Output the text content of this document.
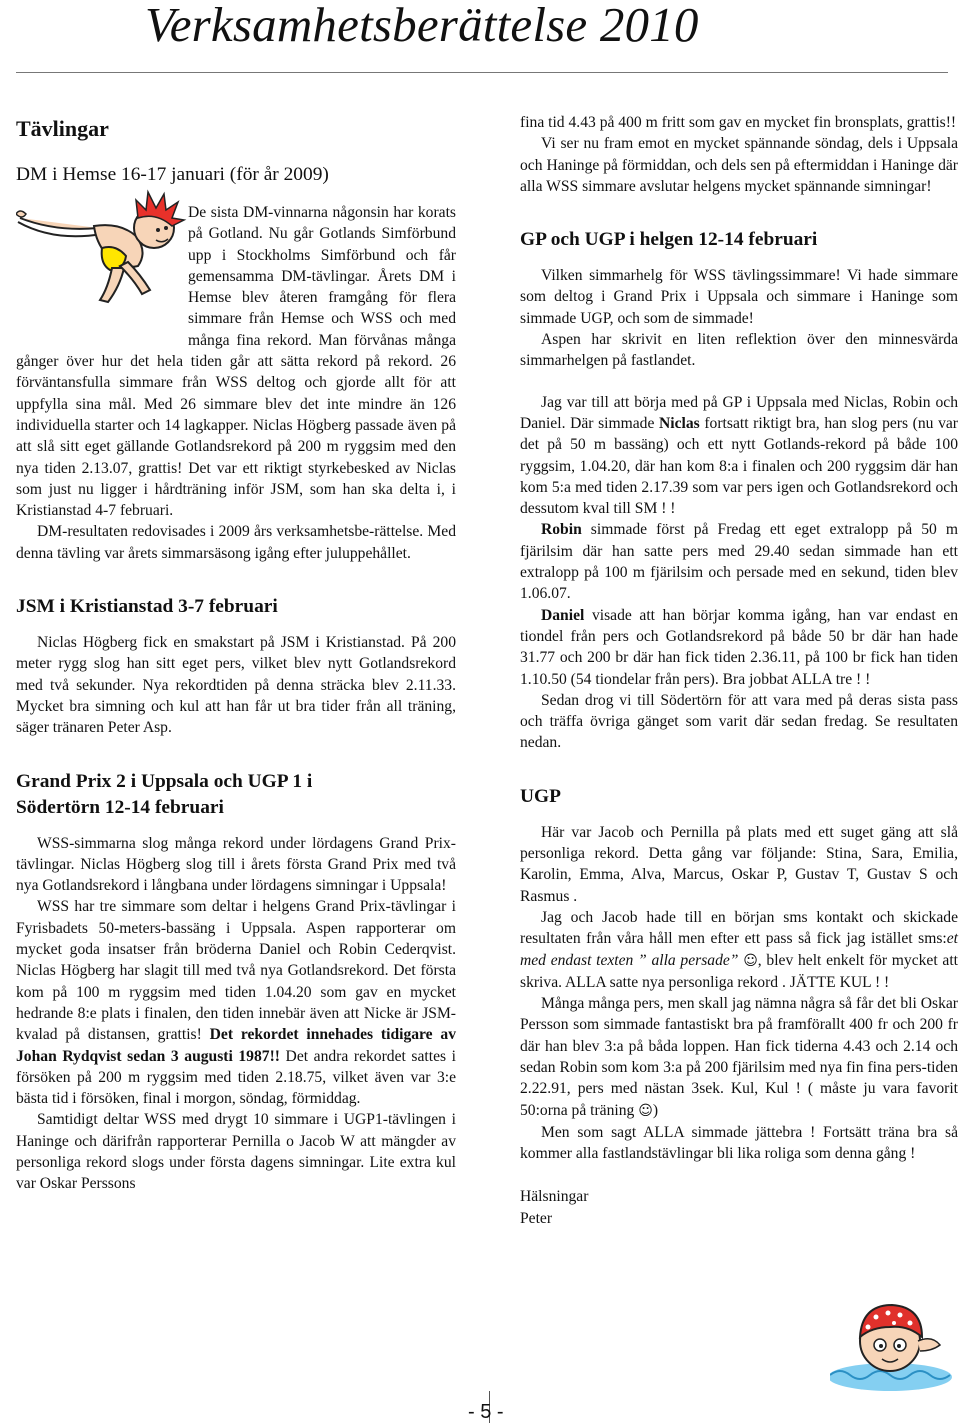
Verksamhetsberättelse 2010
Tävlingar
DM i Hemse 16-17 januari (för år 2009)

De sista DM-vinnarna någonsin har korats på Gotland. Nu går Gotlands Simförbund upp i Stockholms Simförbund och får gemensamma DM-tävlingar. Årets DM i Hemse blev återen framgång för flera simmare från Hemse och WSS och med många fina rekord. Man förvånas många gånger över hur det hela tiden går att sätta rekord på rekord. 26 förväntansfulla simmare från WSS deltog och gjorde allt för att uppfylla sina mål. Med 26 simmare blev det inte mindre än 126 individuella starter och 14 lagkapper. Niclas Högberg passade även på att slå sitt eget gällande Gotlandsrekord på 200 m ryggsim med den nya tiden 2.13.07, grattis! Det var ett riktigt styrkebesked av Niclas som just nu ligger i hårdträning inför JSM, som han ska delta i, i Kristianstad 4-7 februari.

DM-resultaten redovisades i 2009 års verksamhetsbe-rättelse. Med denna tävling var årets simmarsäsong igång efter juluppehållet.

JSM i Kristianstad 3-7 februari

Niclas Högberg fick en smakstart på JSM i Kristianstad. På 200 meter rygg slog han sitt eget pers, vilket blev nytt Gotlandsrekord med två sekunder. Nya rekordtiden på denna sträcka blev 2.11.33. Mycket bra simning och kul att han får ut bra tider från all träning, säger tränaren Peter Asp.

Grand Prix 2 i Uppsala och UGP 1 i
Södertörn 12-14 februari

WSS-simmarna slog många rekord under lördagens Grand Prix-tävlingar. Niclas Högberg slog till i årets första Grand Prix med två nya Gotlandsrekord i långbana under lördagens simningar i Uppsala!

WSS har tre simmare som deltar i helgens Grand Prix-tävlingar i Fyrisbadets 50-meters-bassäng i Uppsala. Aspen rapporterar om mycket goda insatser från bröderna Daniel och Robin Cederqvist. Niclas Högberg har slagit till med två nya Gotlandsrekord. Det första kom på 100 m ryggsim med tiden 1.04.20 som gav en mycket hedrande 8:e plats i finalen, den tiden innebär även att Nicke är JSM-kvalad på distansen, grattis! Det rekordet innehades tidigare av Johan Rydqvist sedan 3 augusti 1987!! Det andra rekordet sattes i försöken på 200 m ryggsim med tiden 2.18.75, vilket även var 3:e bästa tid i försöken, final i morgon, söndag, förmiddag.

Samtidigt deltar WSS med drygt 10 simmare i UGP1-tävlingen i Haninge och därifrån rapporterar Pernilla o Jacob W att mängder av personliga rekord slogs under första dagens simningar. Lite extra kul var Oskar Perssons

fina tid 4.43 på 400 m fritt som gav en mycket fin bronsplats, grattis!!

Vi ser nu fram emot en mycket spännande söndag, dels i Uppsala och Haninge på förmiddan, och dels sen på eftermiddan i Haninge där alla WSS simmare avslutar helgens mycket spännande simningar!

GP och UGP i helgen 12-14 februari

Vilken simmarhelg för WSS tävlingssimmare! Vi hade simmare som deltog i Grand Prix i Uppsala och simmare i Haninge som simmade UGP, och som de simmade!

Aspen har skrivit en liten reflektion över den minnesvärda simmarhelgen på fastlandet.

Jag var till att börja med på GP i Uppsala med Niclas, Robin och Daniel. Där simmade Niclas fortsatt riktigt bra, han slog pers (nu var det på 50 m bassäng) och ett nytt Gotlands-rekord på både 100 ryggsim, 1.04.20, där han kom 8:a i finalen och 200 ryggsim där han kom 5:a med tiden 2.17.39 som var pers igen och Gotlandsrekord och dessutom kval till SM ! !

Robin simmade först på Fredag ett eget extralopp på 50 m fjärilsim där han satte pers med 29.40 sedan simmade han ett extralopp på 100 m fjärilsim och persade med en sekund, tiden blev 1.06.07.

Daniel visade att han börjar komma igång, han var endast en tiondel från pers och Gotlandsrekord på både 50 br där han hade 31.77 och 200 br där han fick tiden 2.36.11, på 100 br fick han tiden 1.10.50 (54 tiondelar från pers). Bra jobbat ALLA tre ! !

Sedan drog vi till Södertörn för att vara med på deras sista pass och träffa övriga gänget som varit där sedan fredag. Se resultaten nedan.

UGP

Här var Jacob och Pernilla på plats med ett suget gäng att slå personliga rekord. Detta gång var följande: Stina, Sara, Emilia, Karolin, Emma, Alva, Marcus, Oskar P, Gustav T, Gustav S och Rasmus .

Jag och Jacob hade till en början sms kontakt och skickade resultaten från våra håll men efter ett pass så fick jag istället sms:et med endast texten ” alla persade” ☺, blev helt enkelt för mycket att skriva. ALLA satte nya personliga rekord . JÄTTE KUL ! !

Många många pers, men skall jag nämna några så får det bli Oskar Persson som simmade fantastiskt bra på framförallt 400 fr och 200 fr där han blev 3:a på båda loppen. Han fick tiderna 4.43 och 2.14 och sedan Robin som kom 3:a på 200 fjärilsim med nya fin fina pers-tiden 2.22.91, pers med nästan 3sek. Kul, Kul ! ( måste ju vara favorit 50:orna på träning ☺)

Men som sagt ALLA simmade jättebra ! Fortsätt träna bra så kommer alla fastlandstävlingar bli lika roliga som denna gång !

Hälsningar

Peter

- 5 -
